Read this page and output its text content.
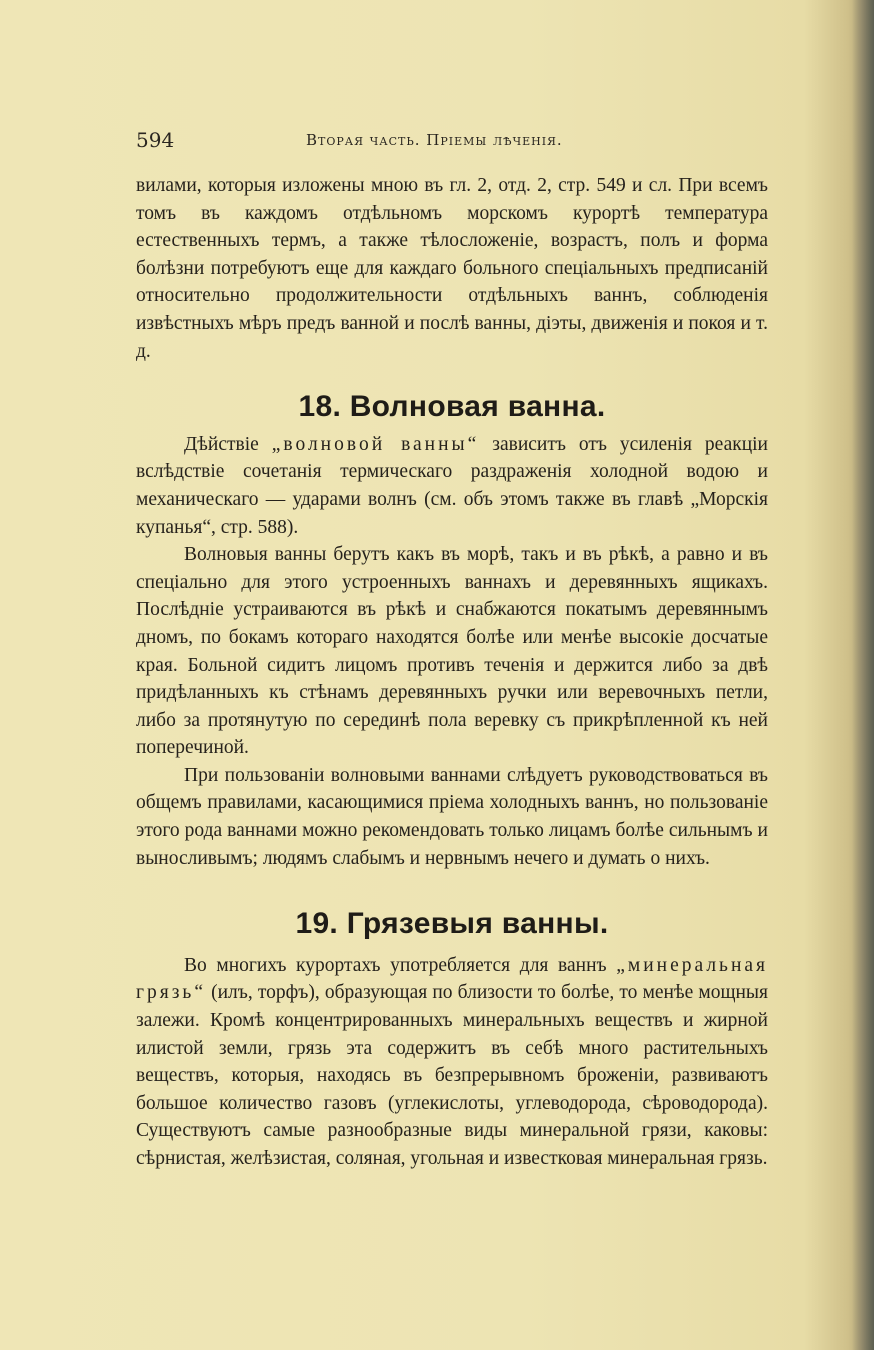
594	Вторая часть. Пріемы лѣченія.

вилами, которыя изложены мною въ гл. 2, отд. 2, стр. 549 и сл. При всемъ томъ въ каждомъ отдѣльномъ морскомъ курортѣ температура естественныхъ термъ, а также тѣлосложеніе, возрастъ, полъ и форма болѣзни потребуютъ еще для каждаго больного спеціальныхъ предписаній относительно продолжительности отдѣльныхъ ваннъ, соблюденія извѣстныхъ мѣръ предъ ванной и послѣ ванны, діэты, движенія и покоя и т. д.

18. Волновая ванна.

Дѣйствіе „волновой ванны“ зависитъ отъ усиленія реакціи вслѣдствіе сочетанія термическаго раздраженія холодной водою и механическаго — ударами волнъ (см. объ этомъ также въ главѣ „Морскія купанья“, стр. 588).

Волновыя ванны берутъ какъ въ морѣ, такъ и въ рѣкѣ, а равно и въ спеціально для этого устроенныхъ ваннахъ и деревянныхъ ящикахъ. Послѣдніе устраиваются въ рѣкѣ и снабжаются покатымъ деревяннымъ дномъ, по бокамъ котораго находятся болѣе или менѣе высокіе досчатые края. Больной сидитъ лицомъ противъ теченія и держится либо за двѣ придѣланныхъ къ стѣнамъ деревянныхъ ручки или веревочныхъ петли, либо за протянутую по серединѣ пола веревку съ прикрѣпленной къ ней поперечиной.

При пользованіи волновыми ваннами слѣдуетъ руководствоваться въ общемъ правилами, касающимися пріема холодныхъ ваннъ, но пользованіе этого рода ваннами можно рекомендовать только лицамъ болѣе сильнымъ и выносливымъ; людямъ слабымъ и нервнымъ нечего и думать о нихъ.

19. Грязевыя ванны.

Во многихъ курортахъ употребляется для ваннъ „минеральная грязь“ (илъ, торфъ), образующая по близости то болѣе, то менѣе мощныя залежи. Кромѣ концентрированныхъ минеральныхъ веществъ и жирной илистой земли, грязь эта содержитъ въ себѣ много растительныхъ веществъ, которыя, находясь въ безпрерывномъ броженіи, развиваютъ большое количество газовъ (углекислоты, углеводорода, сѣроводорода). Существуютъ самые разнообразные виды минеральной грязи, каковы: сѣрнистая, желѣзистая, соляная, угольная и известковая минеральная грязь.
